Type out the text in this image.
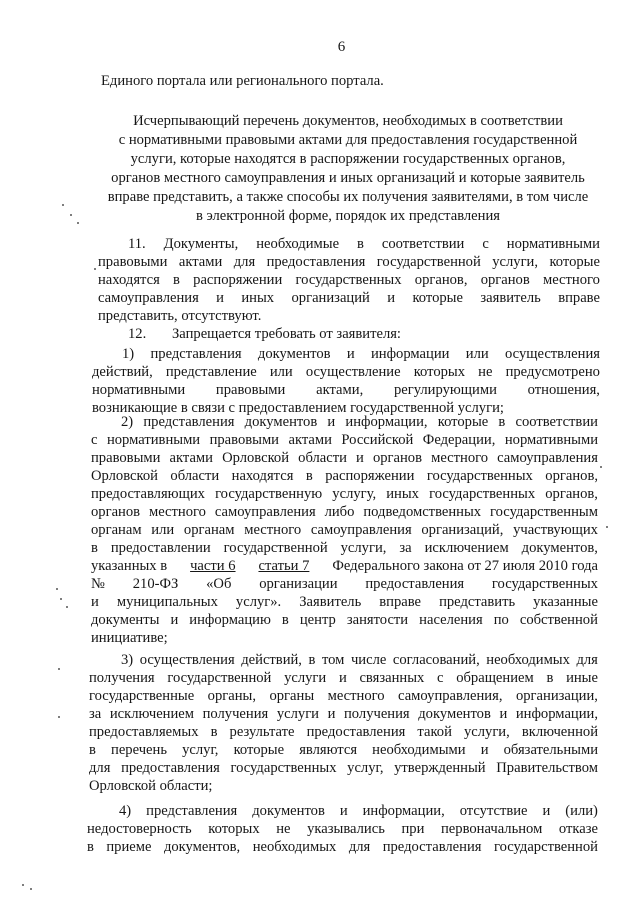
6
Единого портала или регионального портала.
Исчерпывающий перечень документов, необходимых в соответствии
с нормативными правовыми актами для предоставления государственной
услуги, которые находятся в распоряжении государственных органов,
органов местного самоуправления и иных организаций и которые заявитель
вправе представить, а также способы их получения заявителями, в том числе
в электронной форме, порядок их представления
11. Документы, необходимые в соответствии с нормативными
правовыми актами для предоставления государственной услуги, которые
находятся в распоряжении государственных органов, органов местного
самоуправления и иных организаций и которые заявитель вправе
представить, отсутствуют.
12. Запрещается требовать от заявителя:
1) представления документов и информации или осуществления
действий, представление или осуществление которых не предусмотрено
нормативными правовыми актами, регулирующими отношения,
возникающие в связи с предоставлением государственной услуги;
2) представления документов и информации, которые в соответствии
с нормативными правовыми актами Российской Федерации, нормативными
правовыми актами Орловской области и органов местного самоуправления
Орловской области находятся в распоряжении государственных органов,
предоставляющих государственную услугу, иных государственных органов,
органов местного самоуправления либо подведомственных государственным
органам или органам местного самоуправления организаций, участвующих
в предоставлении государственной услуги, за исключением документов,
указанных в части 6 статьи 7 Федерального закона от 27 июля 2010 года
№ 210-ФЗ «Об организации предоставления государственных
и муниципальных услуг». Заявитель вправе представить указанные
документы и информацию в центр занятости населения по собственной
инициативе;
3) осуществления действий, в том числе согласований, необходимых для
получения государственной услуги и связанных с обращением в иные
государственные органы, органы местного самоуправления, организации,
за исключением получения услуги и получения документов и информации,
предоставляемых в результате предоставления такой услуги, включенной
в перечень услуг, которые являются необходимыми и обязательными
для предоставления государственных услуг, утвержденный Правительством
Орловской области;
4) представления документов и информации, отсутствие и (или)
недостоверность которых не указывались при первоначальном отказе
в приеме документов, необходимых для предоставления государственной
